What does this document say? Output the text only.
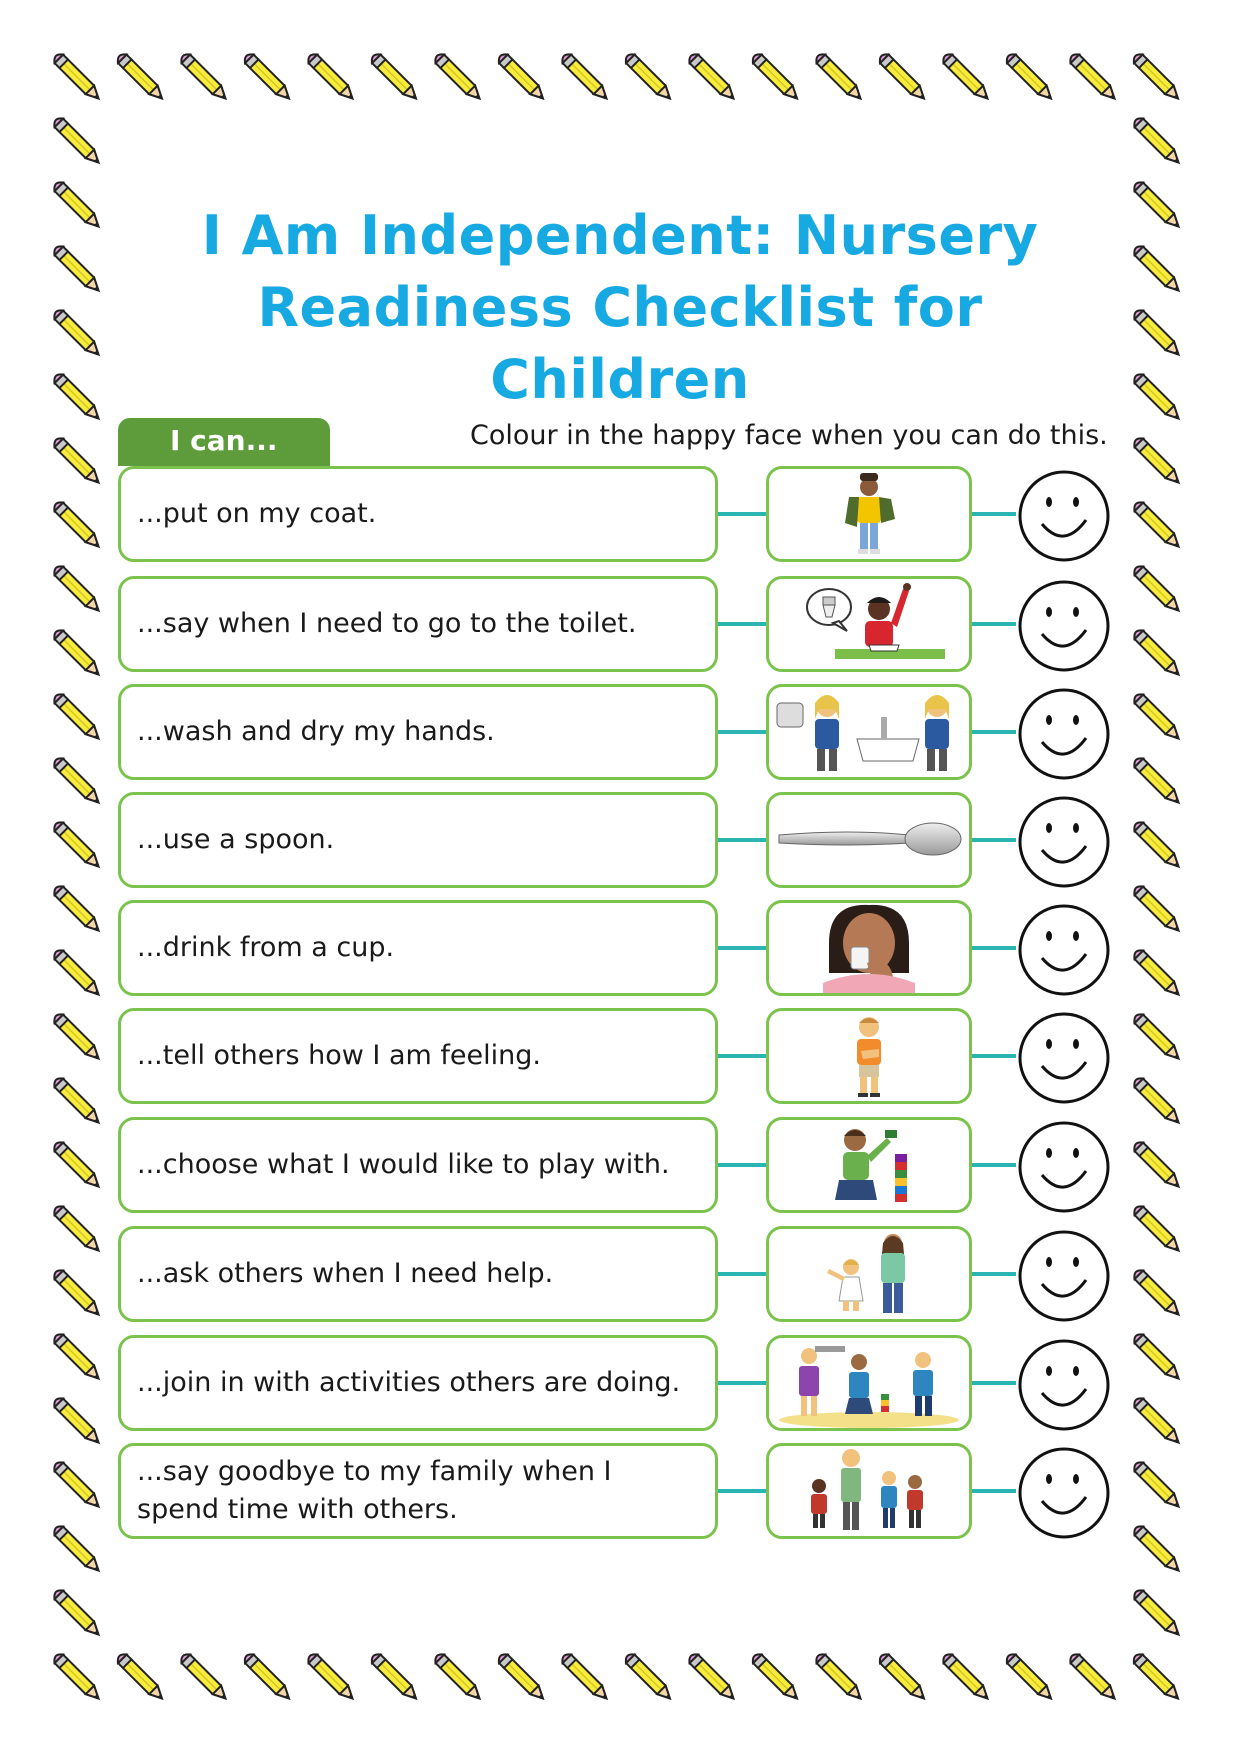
I Am Independent: Nursery
Readiness Checklist for Children
I can...	Colour in the happy face when you can do this.
...put on my coat.
...say when I need to go to the toilet.
...wash and dry my hands.
...use a spoon.
...drink from a cup.
...tell others how I am feeling.
...choose what I would like to play with.
...ask others when I need help.
...join in with activities others are doing.
...say goodbye to my family when I spend time with others.
